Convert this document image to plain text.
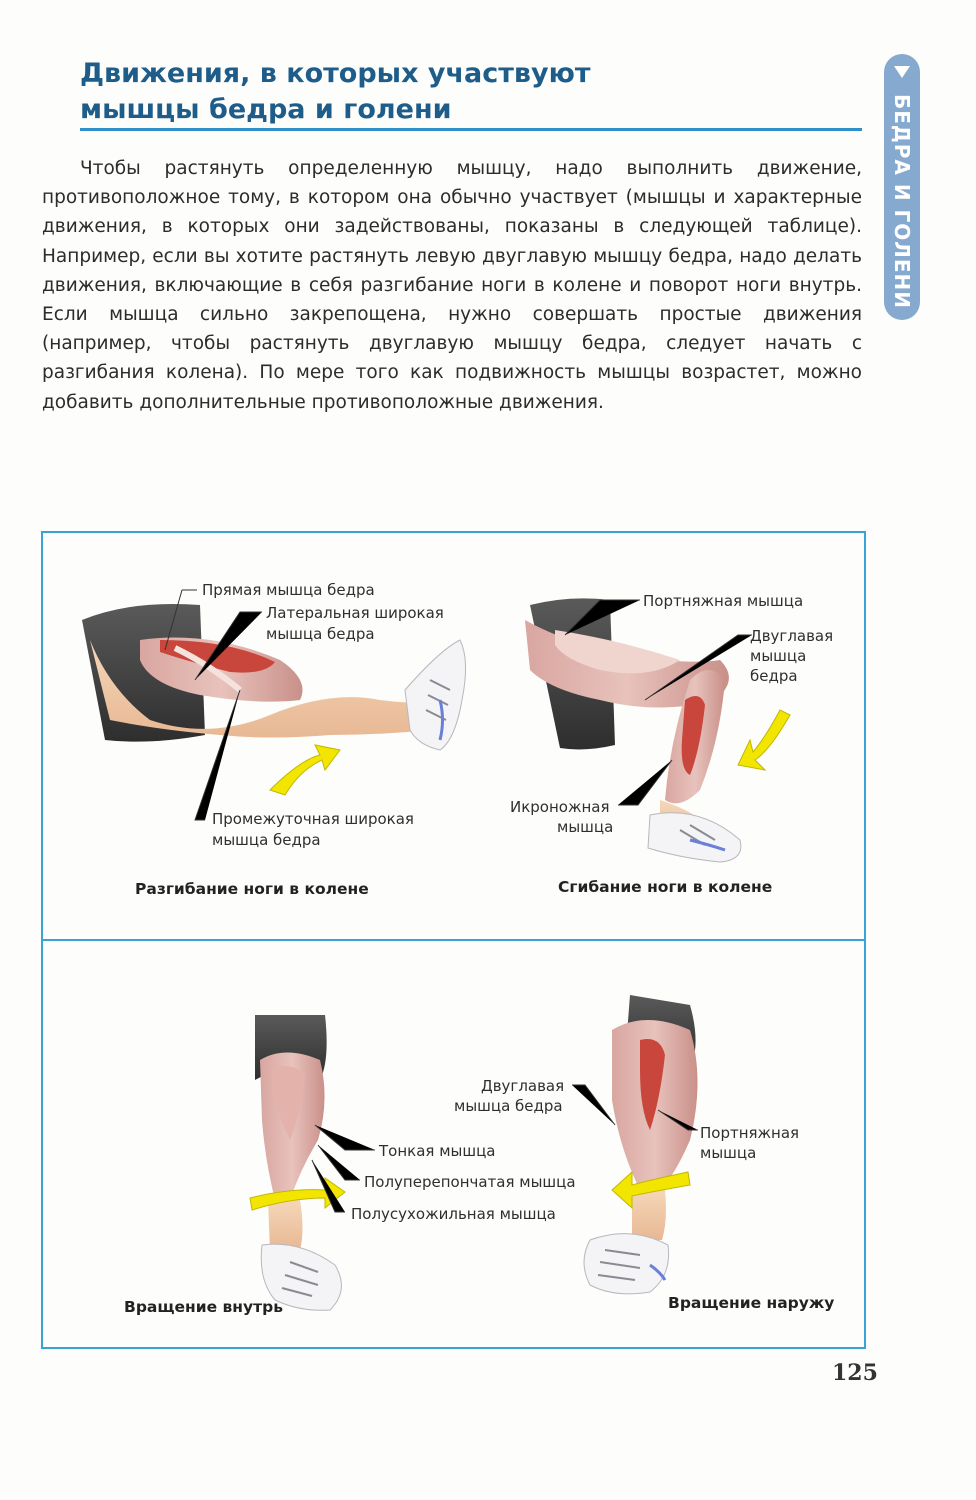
Движения, в которых участвуют
мышцы бедра и голени	БЕДРА И ГОЛЕНИ
Чтобы растянуть определенную мышцу, надо выполнить движение, противоположное тому, в котором она обычно участвует (мышцы и характерные движения, в которых они задействованы, показаны в следующей таблице). Например, если вы хотите растянуть левую двуглавую мышцу бедра, надо делать движения, включающие в себя разгибание ноги в колене и поворот ноги внутрь. Если мышца сильно закрепощена, нужно совершать простые движения (например, чтобы растянуть двуглавую мышцу бедра, следует начать с разгибания колена). По мере того как подвижность мышцы возрастет, можно добавить дополнительные противоположные движения.
Прямая мышца бедра
Латеральная широкая
мышца бедра
Промежуточная широкая
мышца бедра
Разгибание ноги в колене
Портняжная мышца
Двуглавая
мышца
бедра
Икроножная
мышца
Сгибание ноги в колене
Тонкая мышца
Полуперепончатая мышца
Полусухожильная мышца
Вращение внутрь
Двуглавая
мышца бедра
Портняжная
мышца
Вращение наружу
125
